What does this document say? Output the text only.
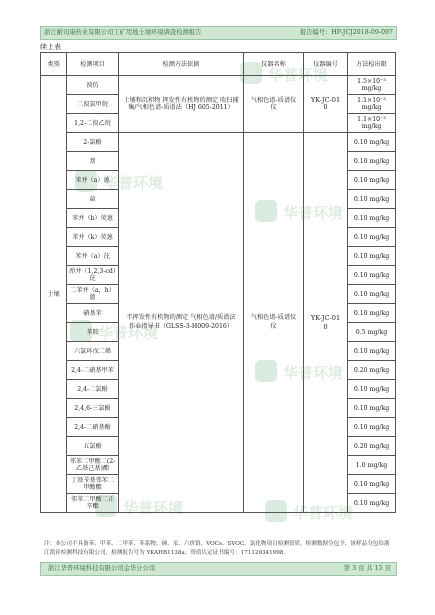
华普环境
华普环境
华普环境
华普环境
华普环境
华普环境	华普环境
浙江耐司康药业有限公司工矿用地土壤环境调查检测报告	报告编号：HP-JCJ2018-09-097
续上表
类别	检测项目	检测方法依据	仪器名称	仪器编号	方法检出限
土壤	溴仿	土壤和沉积物 挥发性有机物的测定 吹扫捕集/气相色谱-质谱法（HJ 605-2011）	气相色谱-质谱仪仪	YK-JC-010	1.5×10⁻³ mg/kg
	二溴氯甲烷				1.1×10⁻³ mg/kg
	1,2-二溴乙烷				1.1×10⁻³ mg/kg
	2-氯酚	半挥发性有机物的测定 气相色谱/质谱法 作业指导书（GLSS-3-H009-2016）	气相色谱-质谱仪仪	YK-JC-010	0.10 mg/kg
	萘				0.10 mg/kg
	苯并（a）蒽				0.10 mg/kg
	䓛				0.10 mg/kg
	苯并（b）荧蒽				0.10 mg/kg
	苯并（k）荧蒽				0.10 mg/kg
	苯并（a）芘				0.10 mg/kg
	茚并（1,2,3-cd）芘				0.10 mg/kg
	二苯并（a，h）蒽				0.10 mg/kg
	硝基苯				0.10 mg/kg
	苯胺				0.5 mg/kg
	六氯环戊二烯				0.10 mg/kg
	2,4-二硝基甲苯				0.20 mg/kg
	2,4-二氯酚				0.10 mg/kg
	2,4,6-三氯酚				0.10 mg/kg
	2,4-二硝基酚				0.10 mg/kg
	五氯酚				0.20 mg/kg
	邻苯二甲酸二(2-乙基己基)酯				1.0 mg/kg
	丁基苄基邻苯二甲酸酯				0.10 mg/kg
	邻苯二甲酸二正辛酯				0.10 mg/kg
注：本公司不具备苯、甲苯、二甲苯、苯系物、砷、汞、六价铬、VOCs、SVOC、氯化物项目检测资质，检测数据分包予，该样品分包给浙江凯铨检测科技有限公司，检测报告号为 YKAHB1138a；资质认定证书编号：171120341998。
浙江华普环境科技有限公司金华分公司	第 3 页 共 15 页
